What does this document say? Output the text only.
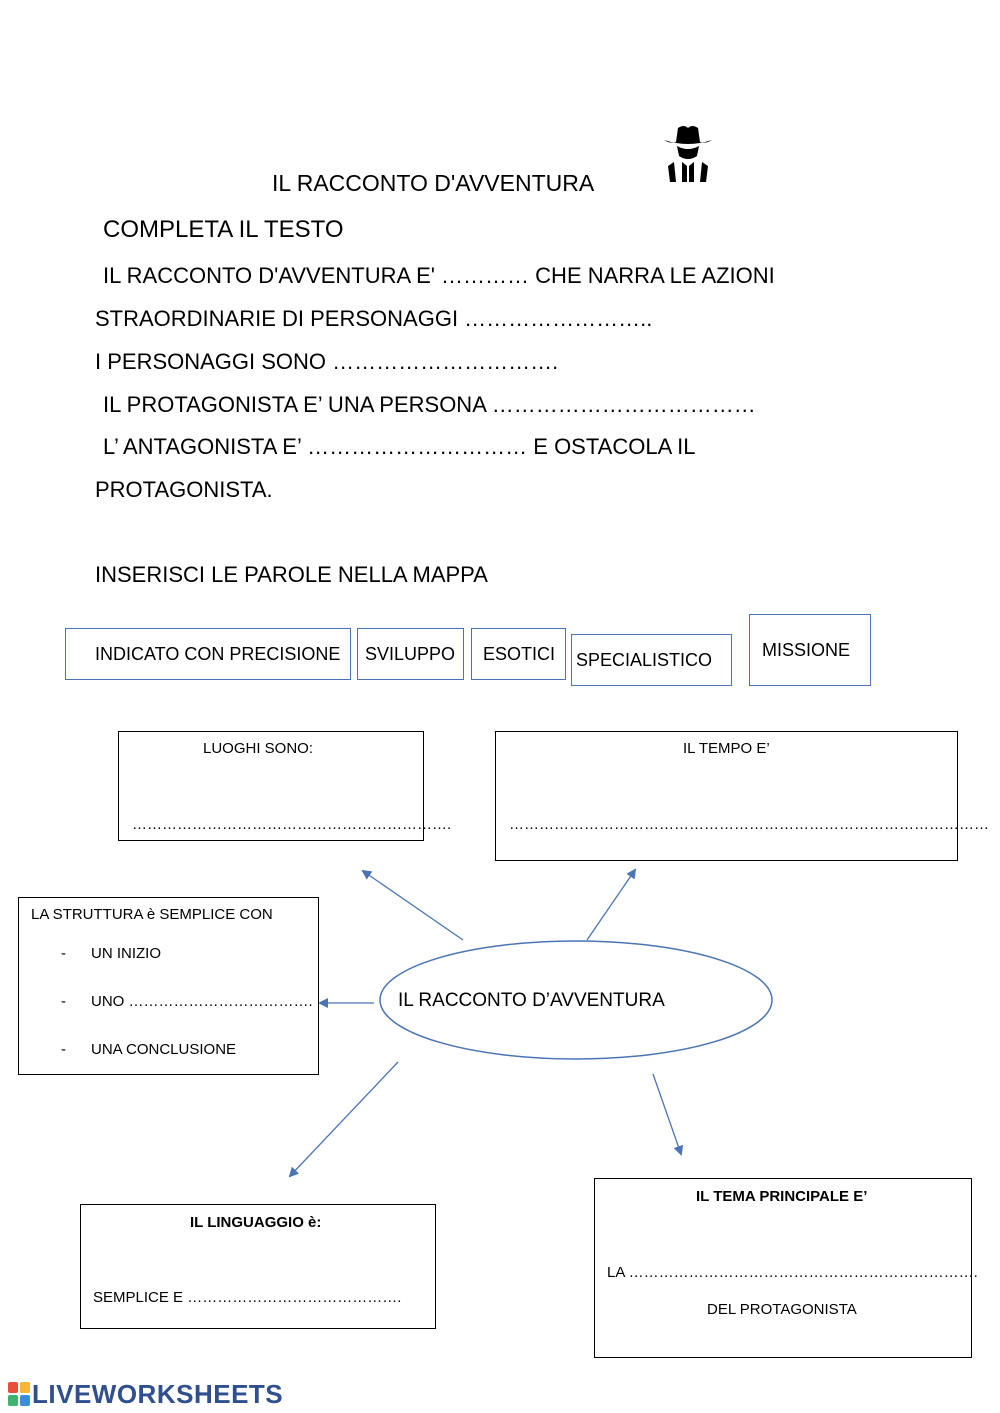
IL RACCONTO D'AVVENTURA
COMPLETA IL TESTO
IL RACCONTO D'AVVENTURA E' ………… CHE NARRA LE AZIONI
STRAORDINARIE DI PERSONAGGI ……………………..
I PERSONAGGI SONO ………………………….
IL PROTAGONISTA E’ UNA PERSONA ………………………………
L’ ANTAGONISTA E’ ………………………… E OSTACOLA IL
PROTAGONISTA.
INSERISCI LE PAROLE NELLA MAPPA
INDICATO CON PRECISIONE SVILUPPO ESOTICI SPECIALISTICO	MISSIONE
IL RACCONTO D’AVVENTURA
LUOGHI SONO:
……………………………………………………….
IL TEMPO E’
……………………………………………………………………………………
LA STRUTTURA è SEMPLICE CON
- UN INIZIO
- UNO ……………………………….
- UNA CONCLUSIONE
IL LINGUAGGIO è:
SEMPLICE E …………………………………….
IL TEMA PRINCIPALE E’
LA …………………………………………………………….
DEL PROTAGONISTA
LIVEWORKSHEETS
